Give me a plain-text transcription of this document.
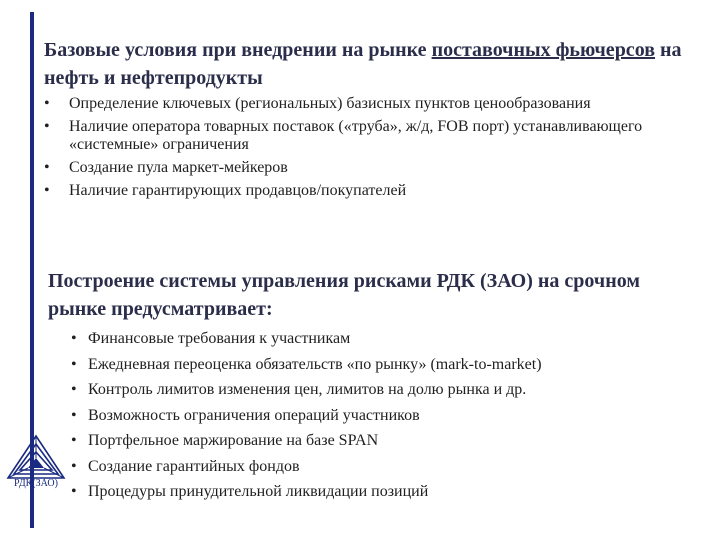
Базовые условия при внедрении на рынке поставочных фьючерсов на нефть и нефтепродукты
• Определение ключевых (региональных) базисных пунктов ценообразования
• Наличие оператора товарных поставок («труба», ж/д, FOB порт) устанавливающего «системные» ограничения
• Создание пула маркет-мейкеров
• Наличие гарантирующих продавцов/покупателей
Построение системы управления рисками РДК (ЗАО) на срочном рынке предусматривает:
• Финансовые требования к участникам
• Ежедневная переоценка обязательств «по рынку» (mark-to-market)
• Контроль лимитов изменения цен, лимитов на долю рынка и др.
• Возможность ограничения операций участников
• Портфельное маржирование на базе SPAN
• Создание гарантийных фондов
• Процедуры принудительной ликвидации позиций
РДК(ЗАО)
